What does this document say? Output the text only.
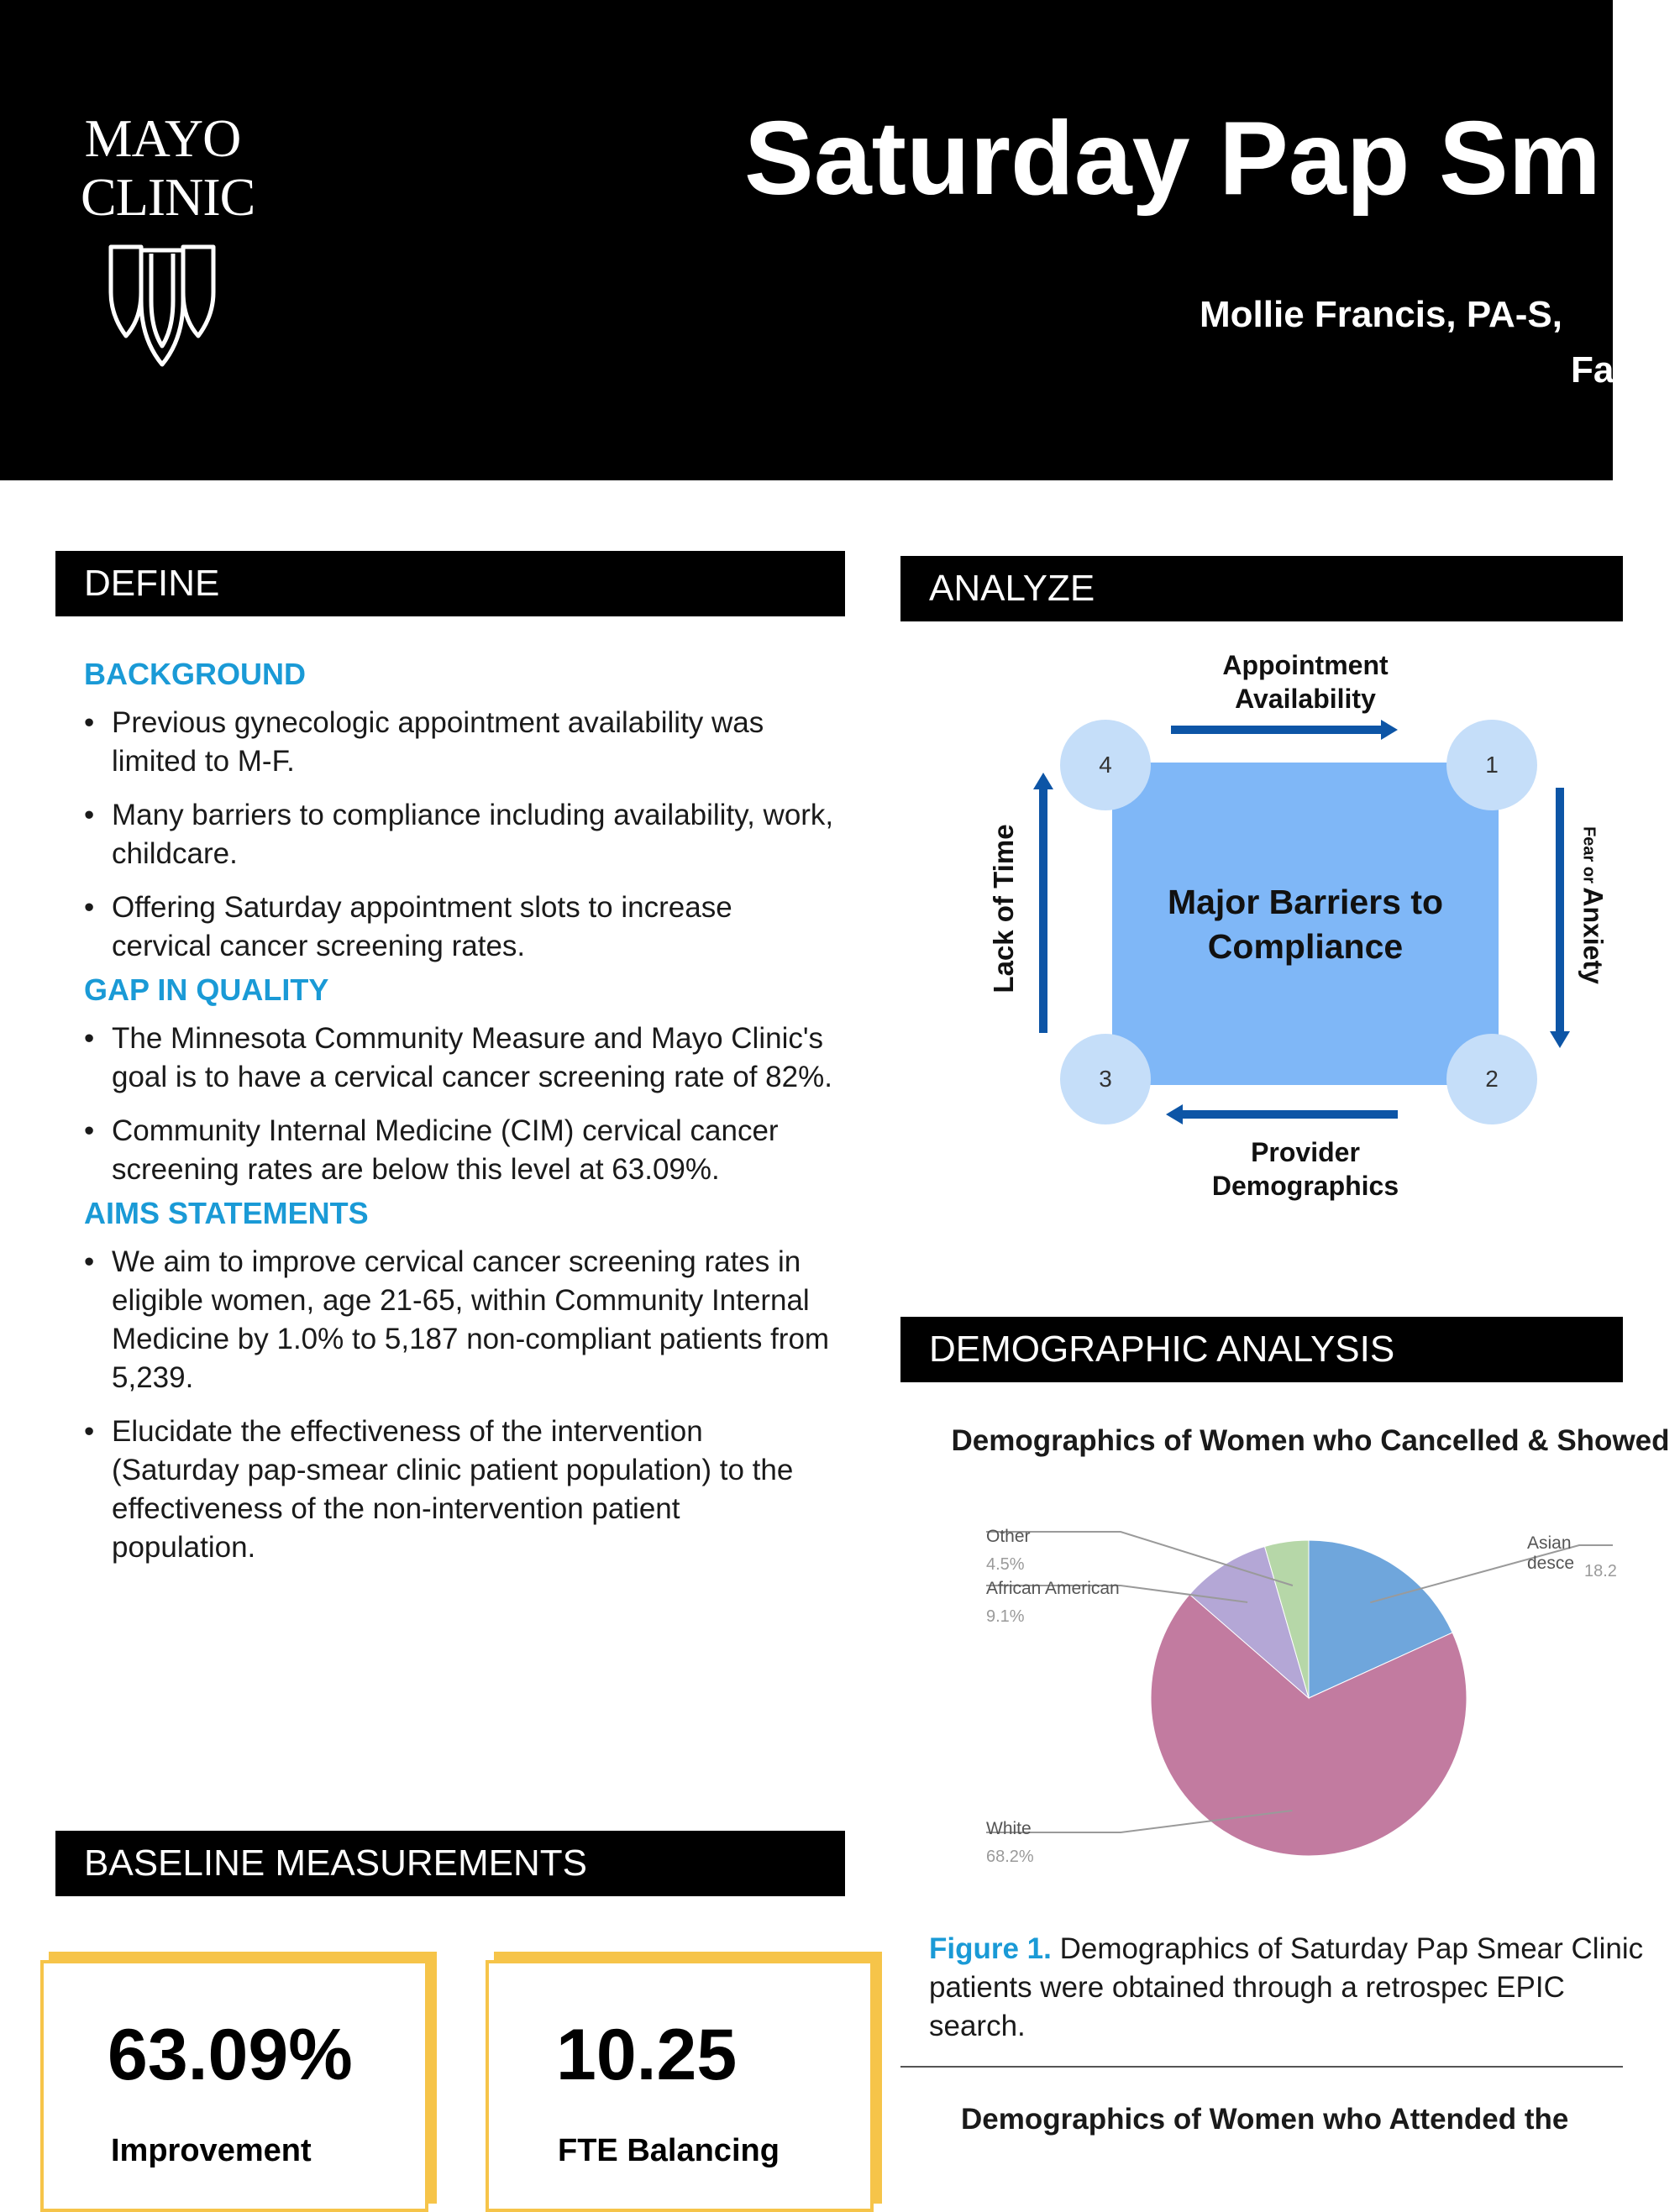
MAYO
CLINIC	Saturday Pap Sm
Mollie Francis, PA-S,
Fa
DEFINE
BACKGROUND
• Previous gynecologic appointment availability was limited to M-F.
• Many barriers to compliance including availability, work, childcare.
• Offering Saturday appointment slots to increase cervical cancer screening rates.
GAP IN QUALITY
• The Minnesota Community Measure and Mayo Clinic's goal is to have a cervical cancer screening rate of 82%.
• Community Internal Medicine (CIM) cervical cancer screening rates are below this level at 63.09%.
AIMS STATEMENTS
• We aim to improve cervical cancer screening rates in eligible women, age 21-65, within Community Internal Medicine by 1.0% to 5,187 non-compliant patients from 5,239.
• Elucidate the effectiveness of the intervention (Saturday pap-smear clinic patient population) to the effectiveness of the non-intervention patient population.
BASELINE MEASUREMENTS
63.09%
Improvement
10.25
FTE Balancing
ANALYZE
Major Barriers to Compliance
4	1
3	2
Appointment Availability
Provider Demographics
Lack of Time	Fear or Anxiety
DEMOGRAPHIC ANALYSIS
Demographics of Women who Cancelled & Showed
Other
4.5%
African American
9.1%
Asian desce 18.2
White
68.2%
Figure 1. Demographics of Saturday Pap Smear Clinic patients were obtained through a retrospec EPIC search.
Demographics of Women who Attended the
